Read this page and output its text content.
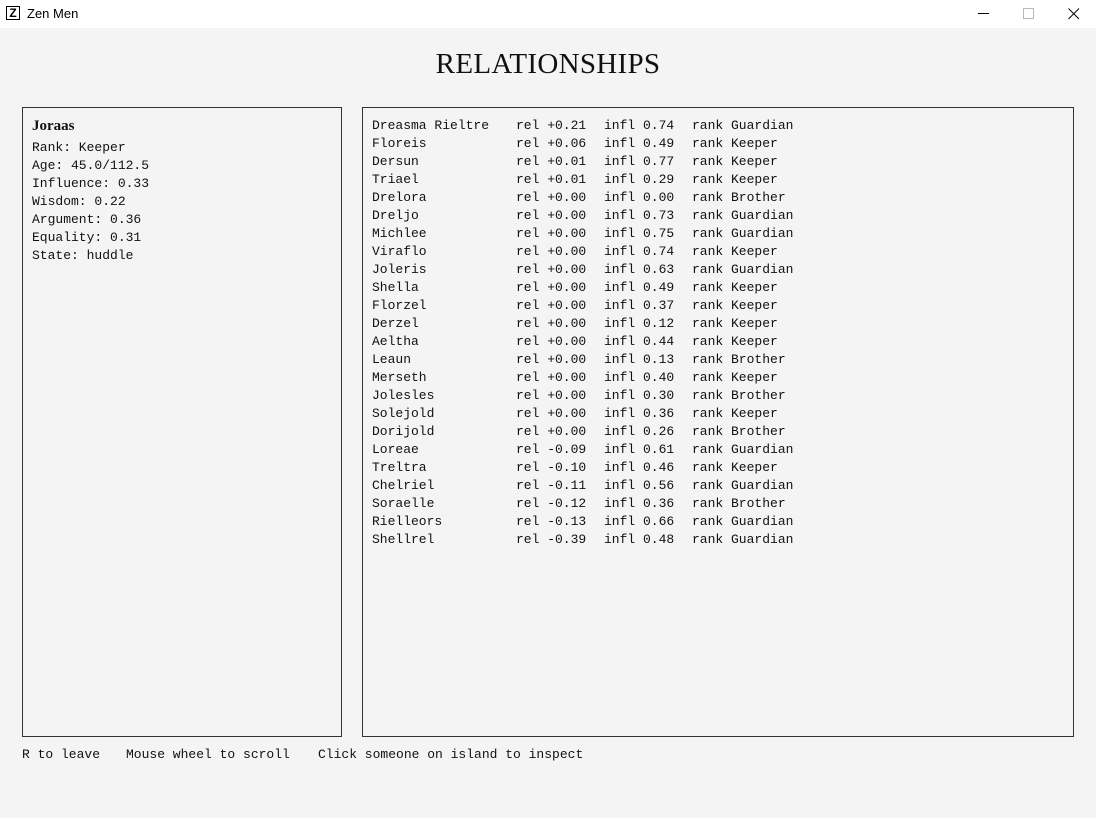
Z Zen Men
RELATIONSHIPS
Joraas
Rank: Keeper
Age: 45.0/112.5
Influence: 0.33
Wisdom: 0.22
Argument: 0.36
Equality: 0.31
State: huddle
Dreasma Rieltre rel +0.21 infl 0.74 rank Guardian
Floreis	rel +0.06 infl 0.49 rank Keeper
Dersun	rel +0.01 infl 0.77 rank Keeper
Triael	rel +0.01 infl 0.29 rank Keeper
Drelora	rel +0.00 infl 0.00 rank Brother
Dreljo	rel +0.00 infl 0.73 rank Guardian
Michlee	rel +0.00 infl 0.75 rank Guardian
Viraflo	rel +0.00 infl 0.74 rank Keeper
Joleris	rel +0.00 infl 0.63 rank Guardian
Shella	rel +0.00 infl 0.49 rank Keeper
Florzel	rel +0.00 infl 0.37 rank Keeper
Derzel	rel +0.00 infl 0.12 rank Keeper
Aeltha	rel +0.00 infl 0.44 rank Keeper
Leaun	rel +0.00 infl 0.13 rank Brother
Merseth	rel +0.00 infl 0.40 rank Keeper
Jolesles	rel +0.00 infl 0.30 rank Brother
Solejold	rel +0.00 infl 0.36 rank Keeper
Dorijold	rel +0.00 infl 0.26 rank Brother
Loreae	rel -0.09 infl 0.61 rank Guardian
Treltra	rel -0.10 infl 0.46 rank Keeper
Chelriel	rel -0.11 infl 0.56 rank Guardian
Soraelle	rel -0.12 infl 0.36 rank Brother
Rielleors	rel -0.13 infl 0.66 rank Guardian
Shellrel	rel -0.39 infl 0.48 rank Guardian

R to leave

Mouse wheel to scroll

Click someone on island to inspect
